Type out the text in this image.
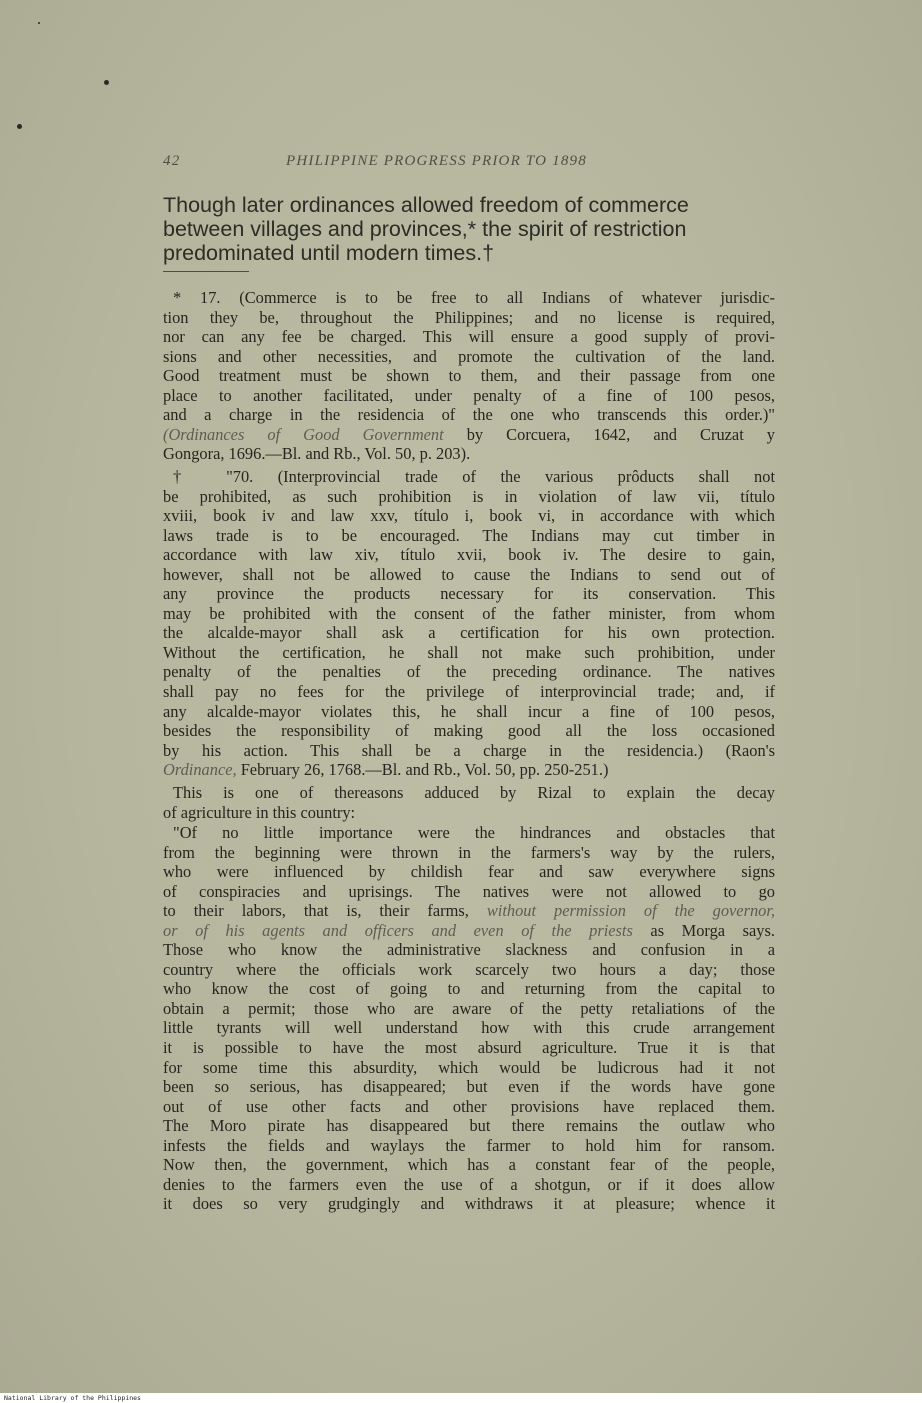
42	PHILIPPINE PROGRESS PRIOR TO 1898
Though later ordinances allowed freedom of commerce
between villages and provinces,* the spirit of restriction
predominated until modern times.†
* 17. (Commerce is to be free to all Indians of whatever jurisdic-
tion they be, throughout the Philippines; and no license is required,
nor can any fee be charged. This will ensure a good supply of provi-
sions and other necessities, and promote the cultivation of the land.
Good treatment must be shown to them, and their passage from one
place to another facilitated, under penalty of a fine of 100 pesos,
and a charge in the residencia of the one who transcends this order.)"
(Ordinances of Good Government by Corcuera, 1642, and Cruzat y
Gongora, 1696.—Bl. and Rb., Vol. 50, p. 203).
† "70. (Interprovincial trade of the various prôducts shall not
be prohibited, as such prohibition is in violation of law vii, título
xviii, book iv and law xxv, título i, book vi, in accordance with which
laws trade is to be encouraged. The Indians may cut timber in
accordance with law xiv, título xvii, book iv. The desire to gain,
however, shall not be allowed to cause the Indians to send out of
any province the products necessary for its conservation. This
may be prohibited with the consent of the father minister, from whom
the alcalde-mayor shall ask a certification for his own protection.
Without the certification, he shall not make such prohibition, under
penalty of the penalties of the preceding ordinance. The natives
shall pay no fees for the privilege of interprovincial trade; and, if
any alcalde-mayor violates this, he shall incur a fine of 100 pesos,
besides the responsibility of making good all the loss occasioned
by his action. This shall be a charge in the residencia.) (Raon's
Ordinance, February 26, 1768.—Bl. and Rb., Vol. 50, pp. 250-251.)
This is one of thereasons adduced by Rizal to explain the decay
of agriculture in this country:
"Of no little importance were the hindrances and obstacles that
from the beginning were thrown in the farmers's way by the rulers,
who were influenced by childish fear and saw everywhere signs
of conspiracies and uprisings. The natives were not allowed to go
to their labors, that is, their farms, without permission of the governor,
or of his agents and officers and even of the priests as Morga says.
Those who know the administrative slackness and confusion in a
country where the officials work scarcely two hours a day; those
who know the cost of going to and returning from the capital to
obtain a permit; those who are aware of the petty retaliations of the
little tyrants will well understand how with this crude arrangement
it is possible to have the most absurd agriculture. True it is that
for some time this absurdity, which would be ludicrous had it not
been so serious, has disappeared; but even if the words have gone
out of use other facts and other provisions have replaced them.
The Moro pirate has disappeared but there remains the outlaw who
infests the fields and waylays the farmer to hold him for ransom.
Now then, the government, which has a constant fear of the people,
denies to the farmers even the use of a shotgun, or if it does allow
it does so very grudgingly and withdraws it at pleasure; whence it
National Library of the Philippines
